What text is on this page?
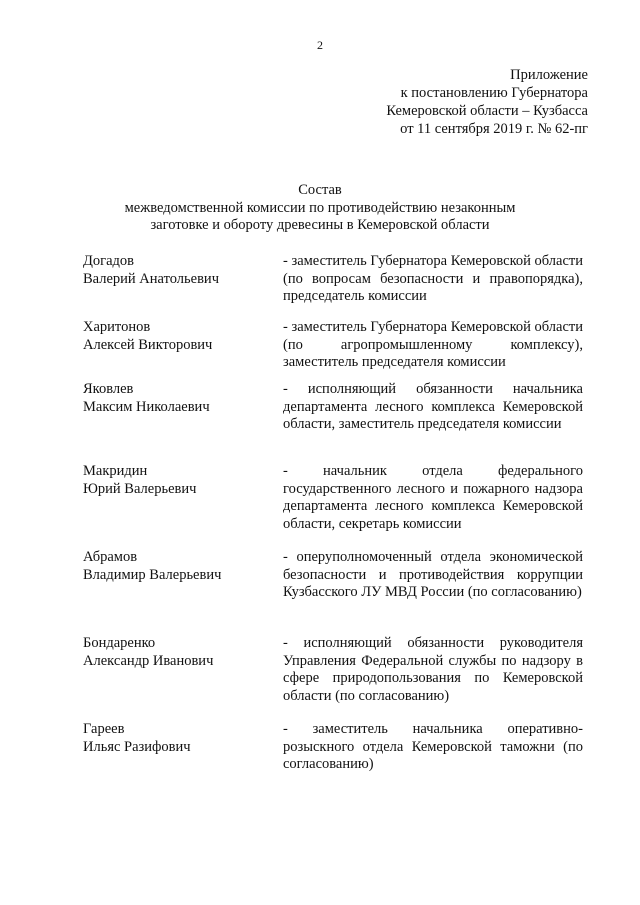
2
Приложение
к постановлению Губернатора
Кемеровской области – Кузбасса
от 11 сентября 2019 г. № 62-пг
Состав
межведомственной комиссии по противодействию незаконным
заготовке и обороту древесины в Кемеровской области
Догадов
Валерий Анатольевич
- заместитель Губернатора Кемеровской области (по вопросам безопасности и правопорядка), председатель комиссии
Харитонов
Алексей Викторович
- заместитель Губернатора Кемеровской области (по агропромышленному комплексу), заместитель председателя комиссии
Яковлев
Максим Николаевич
- исполняющий обязанности начальника департамента лесного комплекса Кемеровской области, заместитель председателя комиссии
Макридин
Юрий Валерьевич
- начальник отдела федерального государственного лесного и пожарного надзора департамента лесного комплекса Кемеровской области, секретарь комиссии
Абрамов
Владимир Валерьевич
- оперуполномоченный отдела экономической безопасности и противодействия коррупции Кузбасского ЛУ МВД России (по согласованию)
Бондаренко
Александр Иванович
- исполняющий обязанности руководителя Управления Федеральной службы по надзору в сфере природопользования по Кемеровской области (по согласованию)
Гареев
Ильяс Разифович
- заместитель начальника оперативно-розыскного отдела Кемеровской таможни (по согласованию)
